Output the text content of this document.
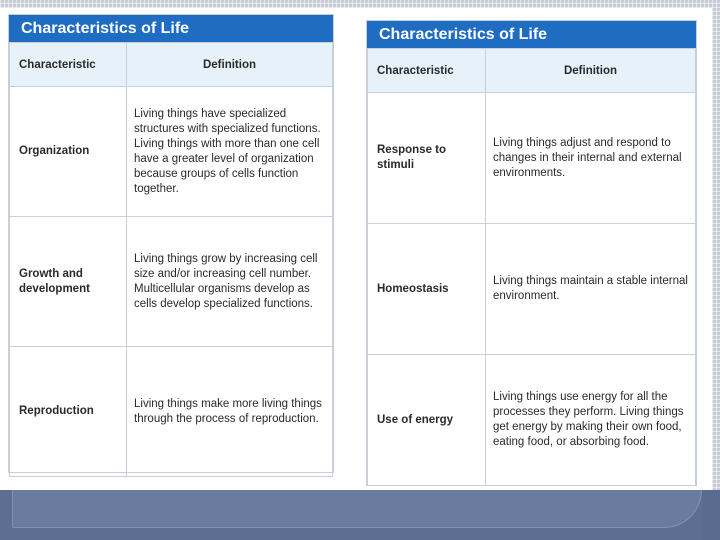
Characteristics of Life
Characteristic	Definition
Organization	Living things have specialized structures with specialized functions. Living things with more than one cell have a greater level of organization because groups of cells function together.
Growth and development	Living things grow by increasing cell size and/or increasing cell number. Multicellular organisms develop as cells develop specialized functions.
Reproduction	Living things make more living things through the process of reproduction.
Characteristics of Life
Characteristic	Definition
Response to stimuli	Living things adjust and respond to changes in their internal and external environments.
Homeostasis	Living things maintain a stable internal environment.
Use of energy	Living things use energy for all the processes they perform. Living things get energy by making their own food, eating food, or absorbing food.
